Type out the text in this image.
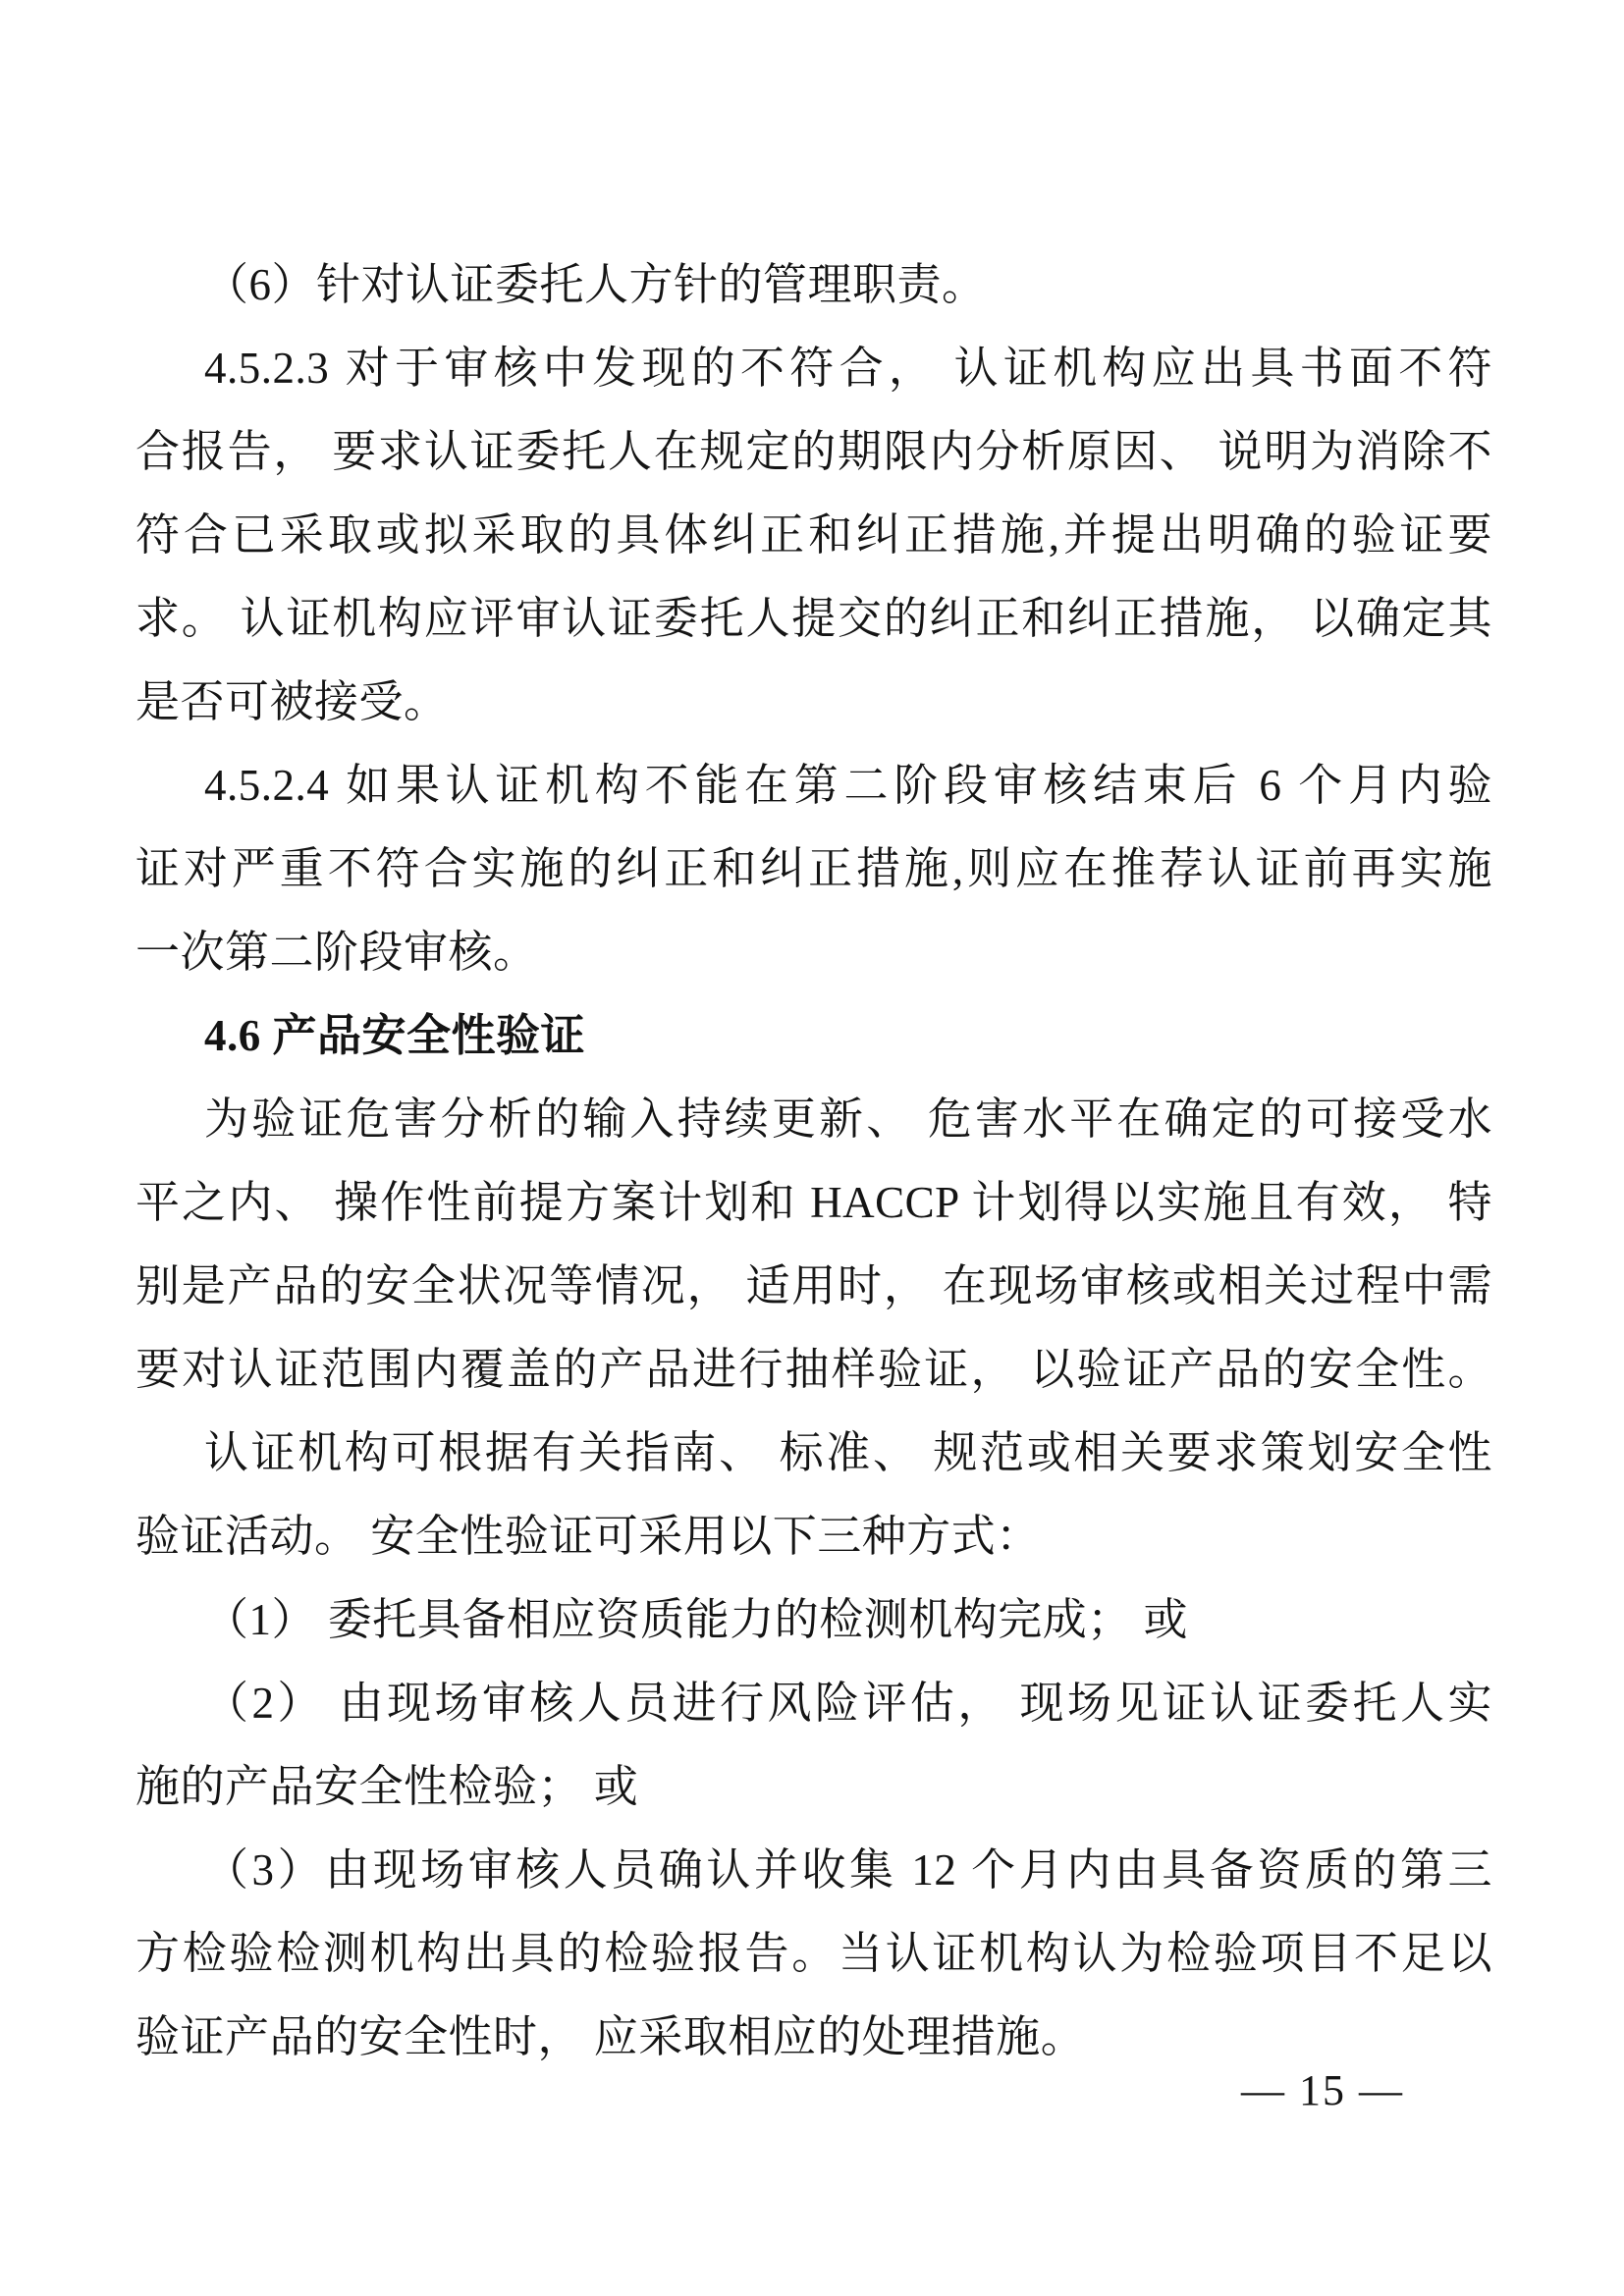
（6）针对认证委托人方针的管理职责。
4.5.2.3 对于审核中发现的不符合， 认证机构应出具书面不符
合报告， 要求认证委托人在规定的期限内分析原因、 说明为消除不
符合已采取或拟采取的具体纠正和纠正措施,并提出明确的验证要
求。 认证机构应评审认证委托人提交的纠正和纠正措施， 以确定其
是否可被接受。
4.5.2.4 如果认证机构不能在第二阶段审核结束后 6 个月内验
证对严重不符合实施的纠正和纠正措施,则应在推荐认证前再实施
一次第二阶段审核。
4.6 产品安全性验证
为验证危害分析的输入持续更新、 危害水平在确定的可接受水
平之内、 操作性前提方案计划和 HACCP 计划得以实施且有效， 特
别是产品的安全状况等情况， 适用时， 在现场审核或相关过程中需
要对认证范围内覆盖的产品进行抽样验证， 以验证产品的安全性。
认证机构可根据有关指南、 标准、 规范或相关要求策划安全性
验证活动。 安全性验证可采用以下三种方式：
（1） 委托具备相应资质能力的检测机构完成； 或
（2） 由现场审核人员进行风险评估， 现场见证认证委托人实
施的产品安全性检验； 或
（3）由现场审核人员确认并收集 12 个月内由具备资质的第三
方检验检测机构出具的检验报告。当认证机构认为检验项目不足以
验证产品的安全性时， 应采取相应的处理措施。
— 15 —
